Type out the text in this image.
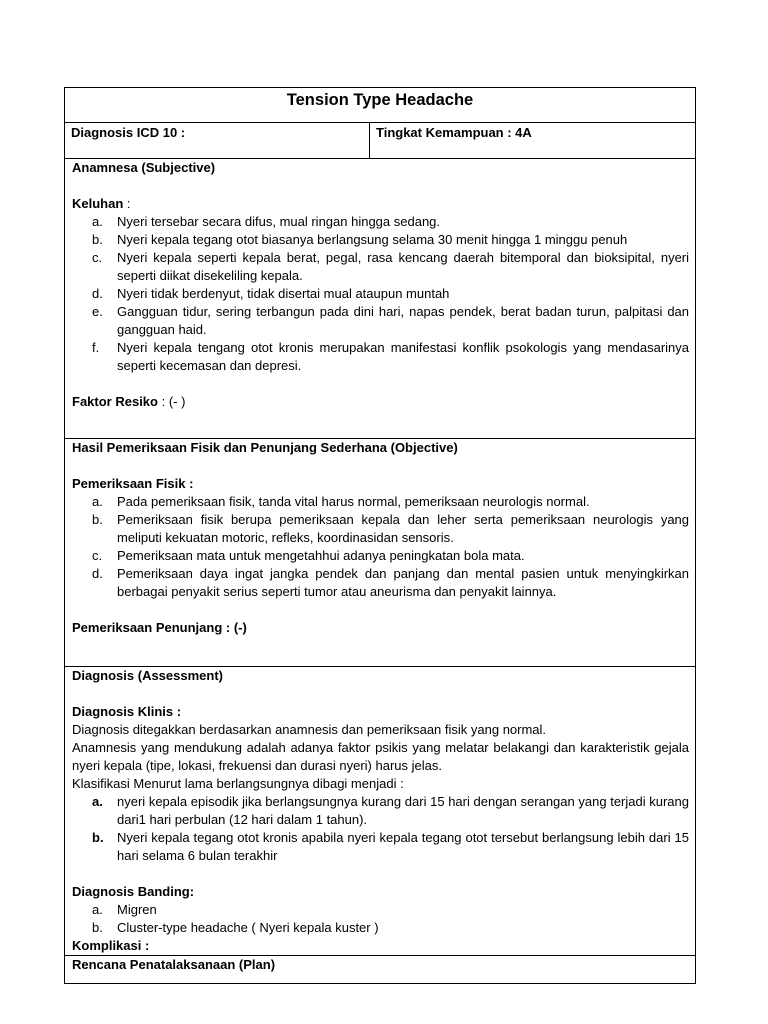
Tension Type Headache
Diagnosis ICD 10 :	Tingkat Kemampuan : 4A

Anamnesa (Subjective)
Keluhan :
a. Nyeri tersebar secara difus, mual ringan hingga sedang.
b. Nyeri kepala tegang otot biasanya berlangsung selama 30 menit hingga 1 minggu penuh
c. Nyeri kepala seperti kepala berat, pegal, rasa kencang daerah bitemporal dan bioksipital, nyeri seperti diikat disekeliling kepala.
d. Nyeri tidak berdenyut, tidak disertai mual ataupun muntah
e. Gangguan tidur, sering terbangun pada dini hari, napas pendek, berat badan turun, palpitasi dan gangguan haid.
f. Nyeri kepala tengang otot kronis merupakan manifestasi konflik psokologis yang mendasarinya seperti kecemasan dan depresi.
Faktor Resiko : (- )

Hasil Pemeriksaan Fisik dan Penunjang Sederhana (Objective)
Pemeriksaan Fisik :
a. Pada pemeriksaan fisik, tanda vital harus normal, pemeriksaan neurologis normal.
b. Pemeriksaan fisik berupa pemeriksaan kepala dan leher serta pemeriksaan neurologis yang meliputi kekuatan motoric, refleks, koordinasidan sensoris.
c. Pemeriksaan mata untuk mengetahhui adanya peningkatan bola mata.
d. Pemeriksaan daya ingat jangka pendek dan panjang dan mental pasien untuk menyingkirkan berbagai penyakit serius seperti tumor atau aneurisma dan penyakit lainnya.
Pemeriksaan Penunjang : (-)

Diagnosis (Assessment)
Diagnosis Klinis :

Diagnosis ditegakkan berdasarkan anamnesis dan pemeriksaan fisik yang normal.

Anamnesis yang mendukung adalah adanya faktor psikis yang melatar belakangi dan karakteristik gejala nyeri kepala (tipe, lokasi, frekuensi dan durasi nyeri) harus jelas.

Klasifikasi Menurut lama berlangsungnya dibagi menjadi :

a. nyeri kepala episodik jika berlangsungnya kurang dari 15 hari dengan serangan yang terjadi kurang dari1 hari perbulan (12 hari dalam 1 tahun).
b. Nyeri kepala tegang otot kronis apabila nyeri kepala tegang otot tersebut berlangsung lebih dari 15 hari selama 6 bulan terakhir
Diagnosis Banding:
a. Migren
b. Cluster-type headache ( Nyeri kepala kuster )
Komplikasi :

Rencana Penatalaksanaan (Plan)
